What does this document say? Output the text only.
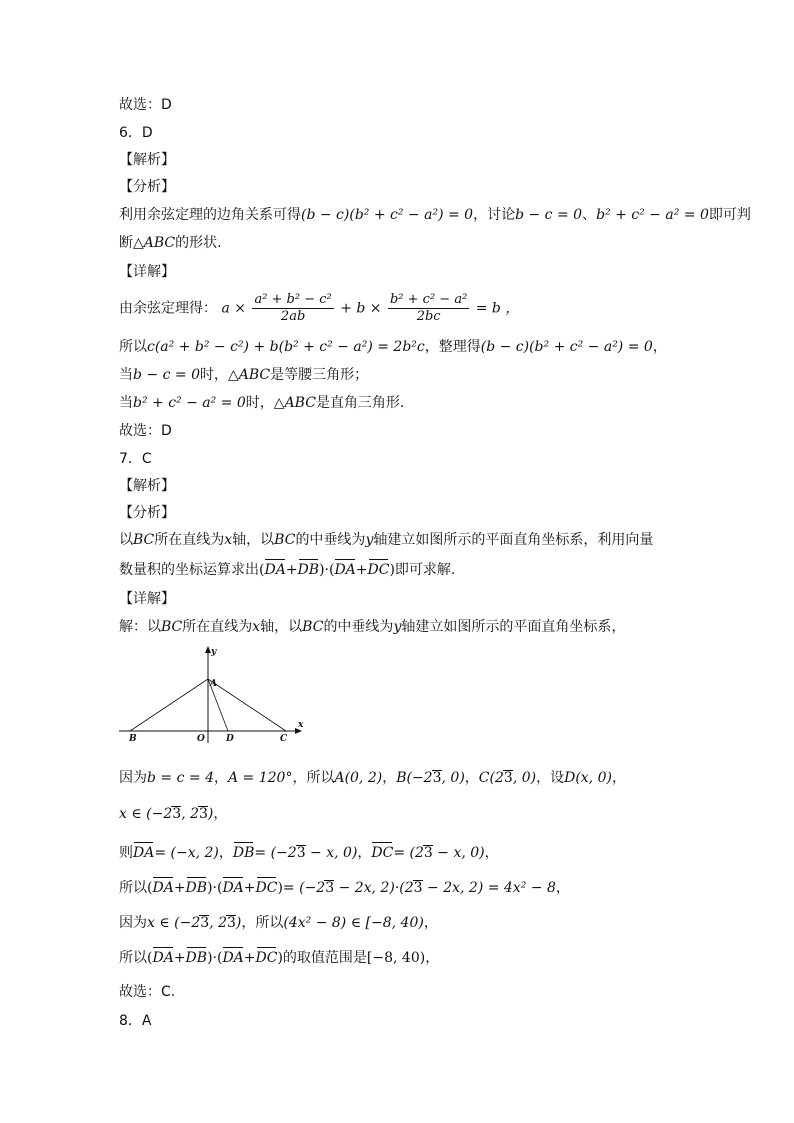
故选：D
6．D
【解析】
【分析】
利用余弦定理的边角关系可得(b − c)(b² + c² − a²) = 0，讨论b − c = 0、b² + c² − a² = 0即可判
断△ABC的形状.
【详解】
由余弦定理得： $a \times \frac{\text{a² + b² − c²}}{2ab} + b \times \frac{\text{b² + c² − a²}}{2bc} = b$ ，
所以c(a² + b² − c²) + b(b² + c² − a²) = 2b²c，整理得(b − c)(b² + c² − a²) = 0，
当b − c = 0时，△ABC是等腰三角形；
当b² + c² − a² = 0时，△ABC是直角三角形.
故选：D
7．C
【解析】
【分析】
以BC所在直线为x轴，以BC的中垂线为y轴建立如图所示的平面直角坐标系，利用向量
数量积的坐标运算求出(DA+DB)·(DA+DC)即可求解.
【详解】
解：以BC所在直线为x轴，以BC的中垂线为y轴建立如图所示的平面直角坐标系，
x
y
A
B	O D	C
因为b = c = 4，A = 120°，所以A(0, 2)，B(−23, 0)，C(23, 0)，设D(x, 0)，
x ∈ (−23, 23)，
则DA= (−x, 2)，DB= (−23 − x, 0)，DC= (23 − x, 0)，
所以(DA+DB)·(DA+DC)= (−23 − 2x, 2)·(23 − 2x, 2) = 4x² − 8，
因为x ∈ (−23, 23)，所以(4x² − 8) ∈ [−8, 40)，
所以(DA+DB)·(DA+DC)的取值范围是[−8, 40)，
故选：C.
8．A
